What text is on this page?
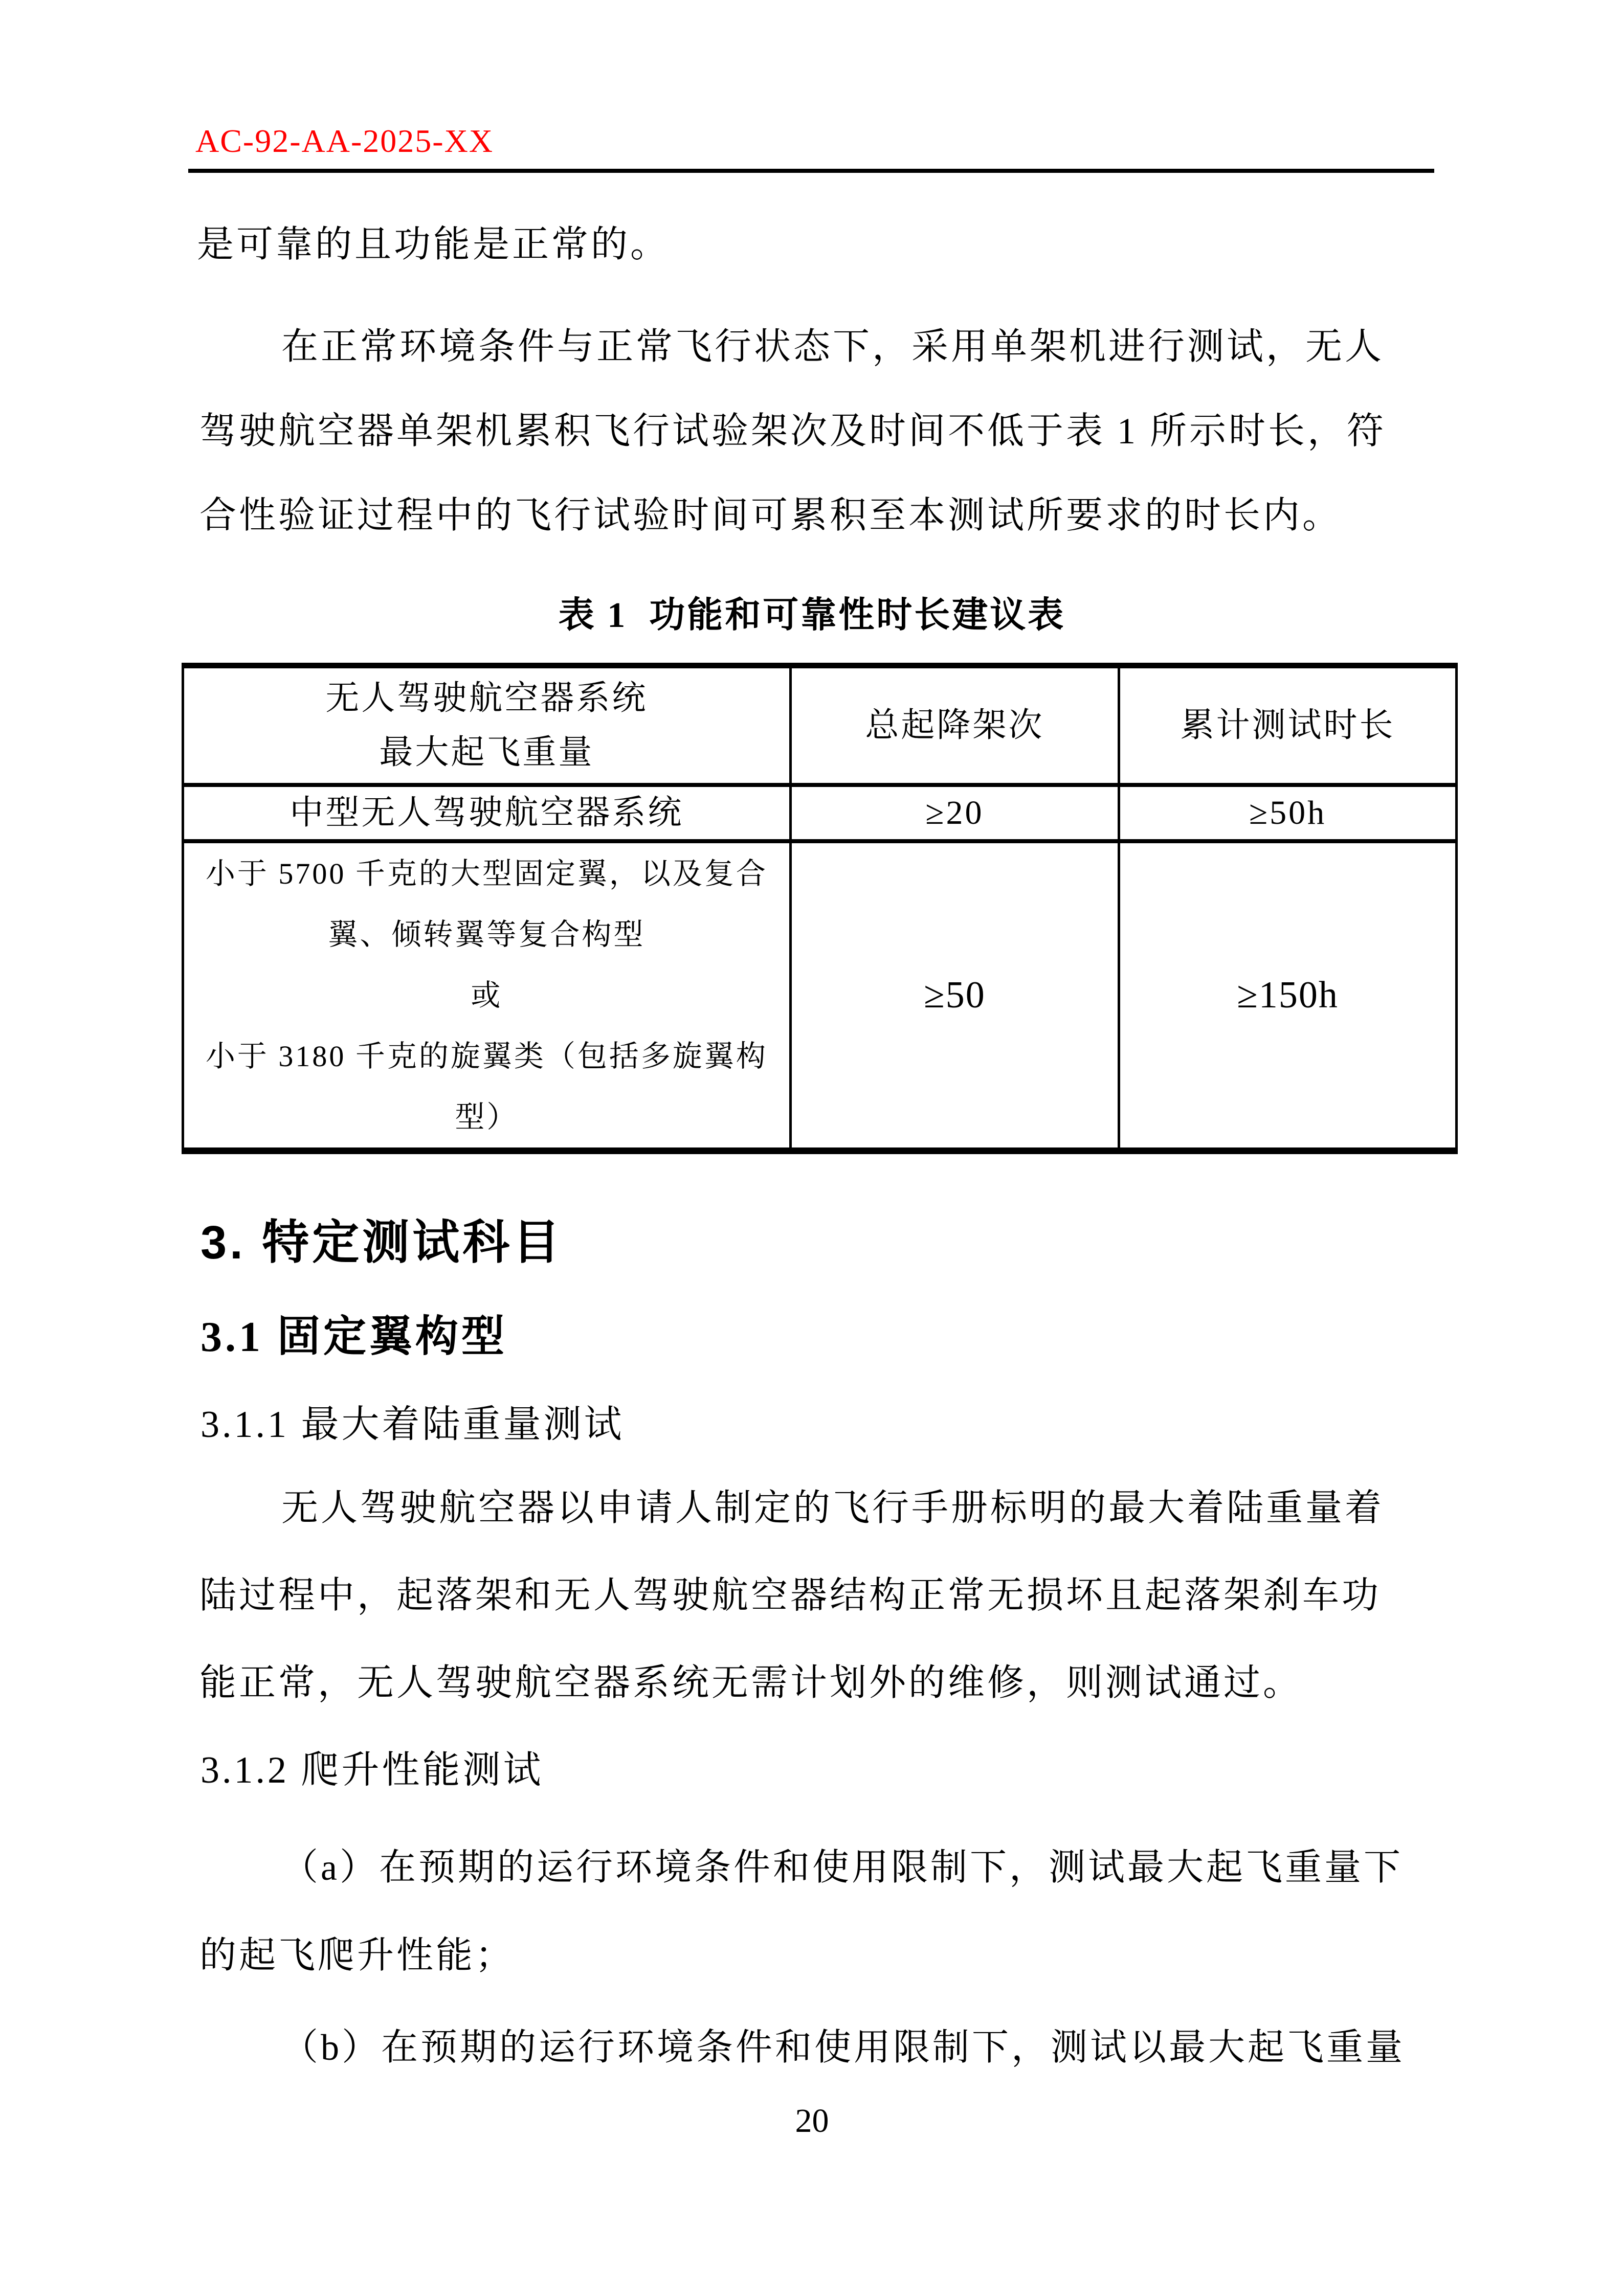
AC-92-AA-2025-XX
是可靠的且功能是正常的。
在正常环境条件与正常飞行状态下，采用单架机进行测试，无人
驾驶航空器单架机累积飞行试验架次及时间不低于表 1 所示时长，符
合性验证过程中的飞行试验时间可累积至本测试所要求的时长内。
表 1  功能和可靠性时长建议表
无人驾驶航空器系统
最大起飞重量	总起降架次	累计测试时长
中型无人驾驶航空器系统	≥20	≥50h

小于 5700 千克的大型固定翼，以及复合
翼、倾转翼等复合构型
或
小于 3180 千克的旋翼类（包括多旋翼构
型）	≥50	≥150h
3. 特定测试科目
3.1 固定翼构型
3.1.1 最大着陆重量测试
无人驾驶航空器以申请人制定的飞行手册标明的最大着陆重量着
陆过程中，起落架和无人驾驶航空器结构正常无损坏且起落架刹车功
能正常，无人驾驶航空器系统无需计划外的维修，则测试通过。
3.1.2 爬升性能测试
（a）在预期的运行环境条件和使用限制下，测试最大起飞重量下
的起飞爬升性能；
（b）在预期的运行环境条件和使用限制下，测试以最大起飞重量
20
